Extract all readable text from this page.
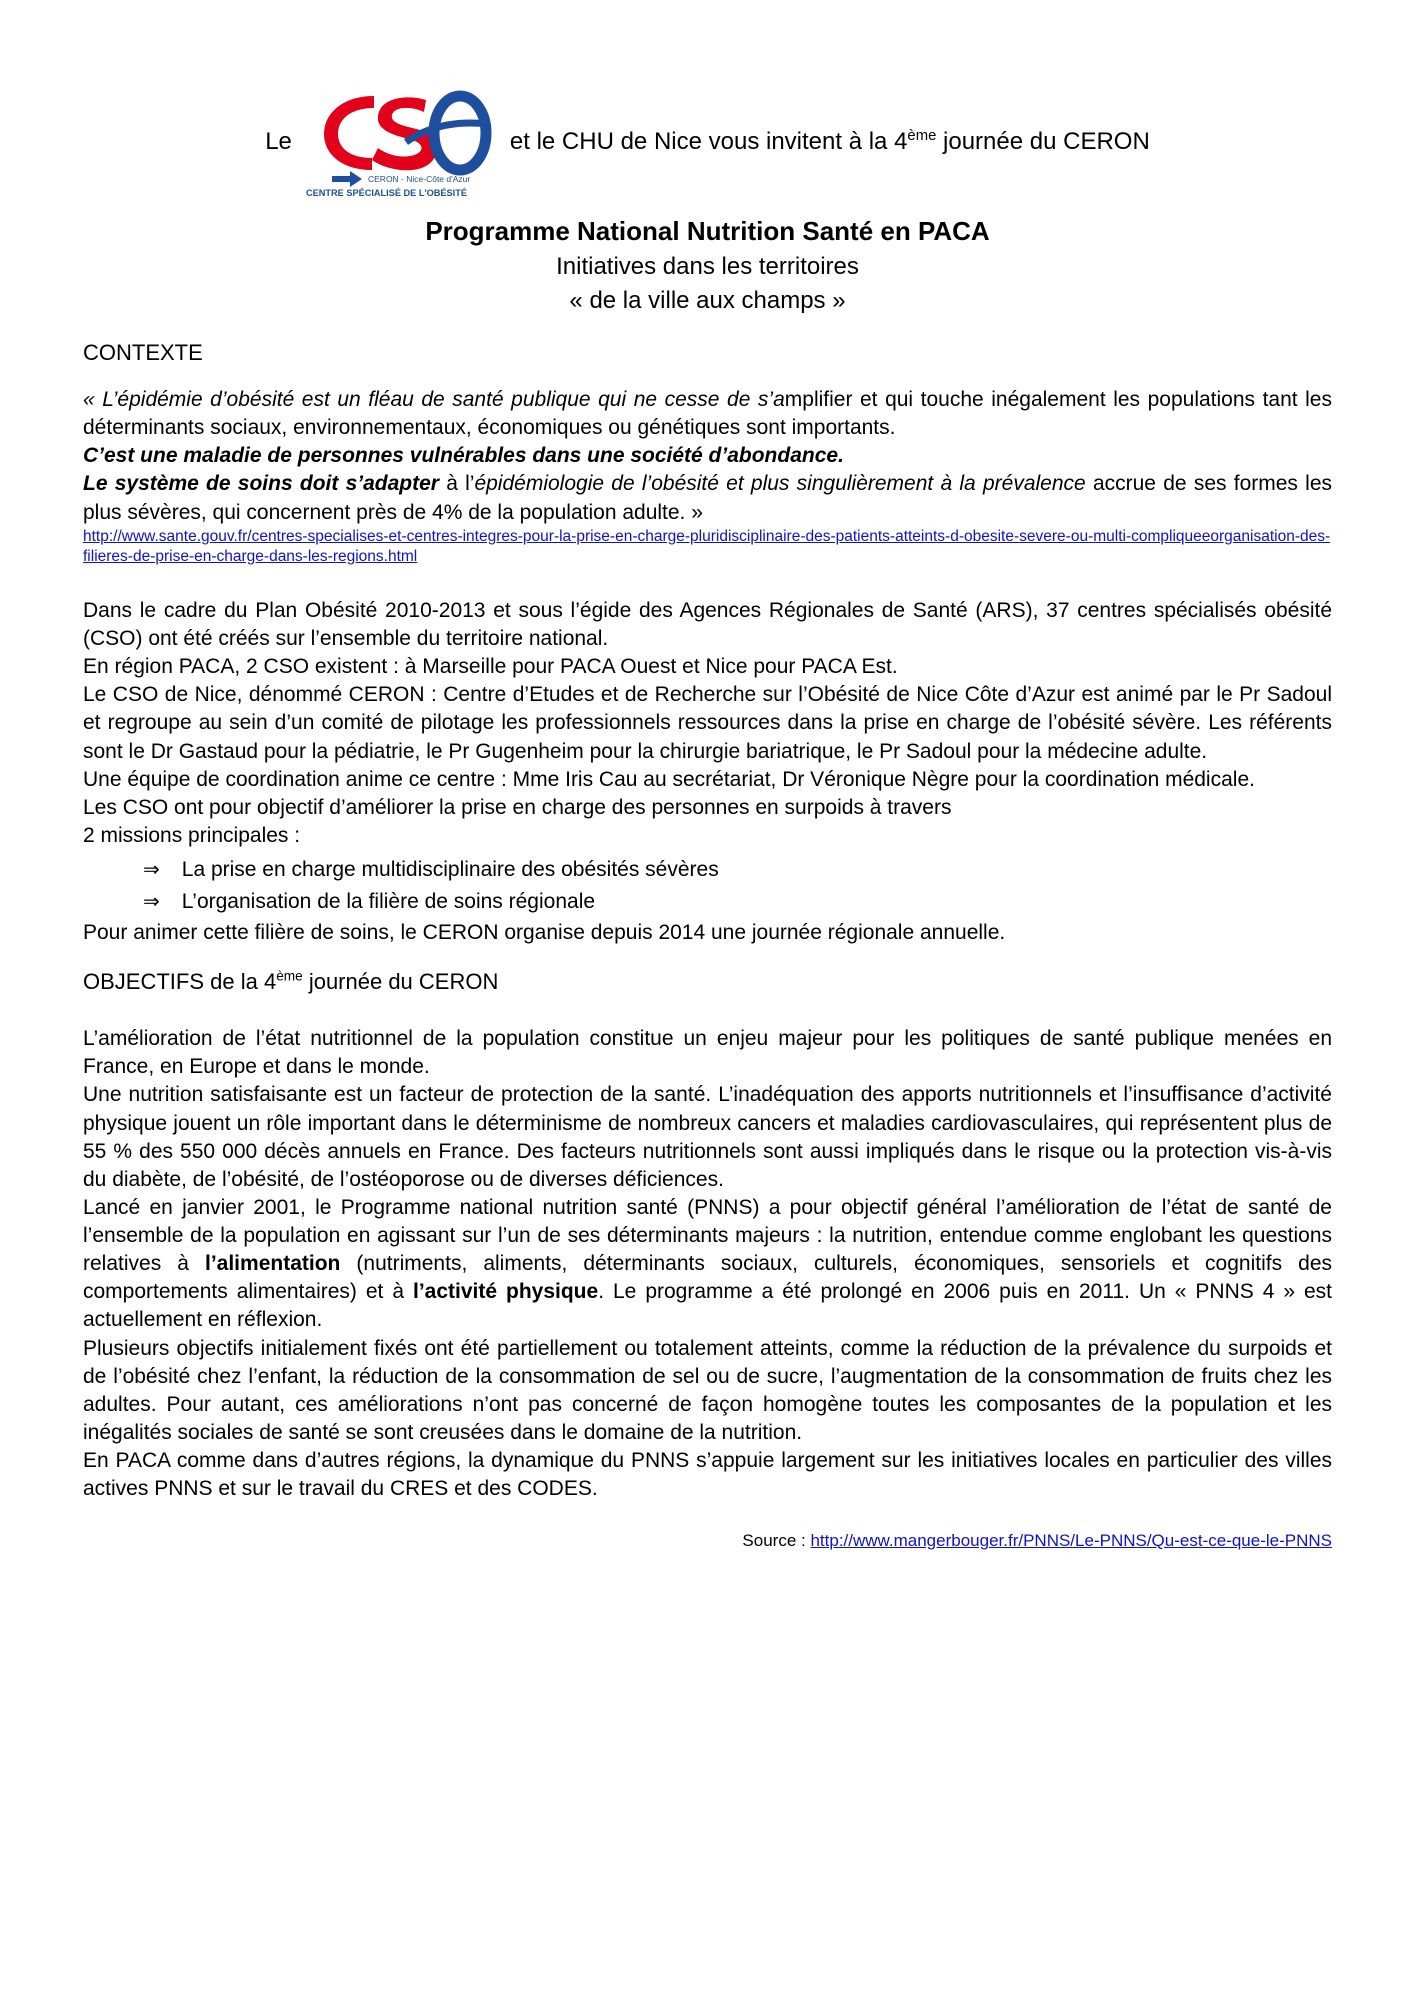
Le
CERON - Nice-Côte d'Azur
CENTRE SPÉCIALISÉ DE L'OBÉSITÉ
et le CHU de Nice vous invitent à la 4ème journée du CERON
Programme National Nutrition Santé en PACA
Initiatives dans les territoires
« de la ville aux champs »
CONTEXTE

« L’épidémie d’obésité est un fléau de santé publique qui ne cesse de s’amplifier et qui touche inégalement les populations tant les déterminants sociaux, environnementaux, économiques ou génétiques sont importants.

C’est une maladie de personnes vulnérables dans une société d’abondance.

Le système de soins doit s’adapter à l’épidémiologie de l’obésité et plus singulièrement à la prévalence accrue de ses formes les plus sévères, qui concernent près de 4% de la population adulte. »

http://www.sante.gouv.fr/centres-specialises-et-centres-integres-pour-la-prise-en-charge-pluridisciplinaire-des-patients-atteints-d-obesite-severe-ou-multi-compliqueeorganisation-des-filieres-de-prise-en-charge-dans-les-regions.html

Dans le cadre du Plan Obésité 2010-2013 et sous l’égide des Agences Régionales de Santé (ARS), 37 centres spécialisés obésité (CSO) ont été créés sur l’ensemble du territoire national.

En région PACA, 2 CSO existent : à Marseille pour PACA Ouest et Nice pour PACA Est.

Le CSO de Nice, dénommé CERON : Centre d’Etudes et de Recherche sur l’Obésité de Nice Côte d’Azur est animé par le Pr Sadoul et regroupe au sein d’un comité de pilotage les professionnels ressources dans la prise en charge de l’obésité sévère. Les référents sont le Dr Gastaud pour la pédiatrie, le Pr Gugenheim pour la chirurgie bariatrique, le Pr Sadoul pour la médecine adulte.

Une équipe de coordination anime ce centre : Mme Iris Cau au secrétariat, Dr Véronique Nègre pour la coordination médicale.

Les CSO ont pour objectif d’améliorer la prise en charge des personnes en surpoids à travers

2 missions principales :

⇒ La prise en charge multidisciplinaire des obésités sévères
⇒ L’organisation de la filière de soins régionale

Pour animer cette filière de soins, le CERON organise depuis 2014 une journée régionale annuelle.

OBJECTIFS de la 4ème journée du CERON

L’amélioration de l’état nutritionnel de la population constitue un enjeu majeur pour les politiques de santé publique menées en France, en Europe et dans le monde.

Une nutrition satisfaisante est un facteur de protection de la santé. L’inadéquation des apports nutritionnels et l’insuffisance d’activité physique jouent un rôle important dans le déterminisme de nombreux cancers et maladies cardiovasculaires, qui représentent plus de 55 % des 550 000 décès annuels en France. Des facteurs nutritionnels sont aussi impliqués dans le risque ou la protection vis-à-vis du diabète, de l’obésité, de l’ostéoporose ou de diverses déficiences.

Lancé en janvier 2001, le Programme national nutrition santé (PNNS) a pour objectif général l’amélioration de l’état de santé de l’ensemble de la population en agissant sur l’un de ses déterminants majeurs : la nutrition, entendue comme englobant les questions relatives à l’alimentation (nutriments, aliments, déterminants sociaux, culturels, économiques, sensoriels et cognitifs des comportements alimentaires) et à l’activité physique. Le programme a été prolongé en 2006 puis en 2011. Un « PNNS 4 » est actuellement en réflexion.

Plusieurs objectifs initialement fixés ont été partiellement ou totalement atteints, comme la réduction de la prévalence du surpoids et de l’obésité chez l’enfant, la réduction de la consommation de sel ou de sucre, l’augmentation de la consommation de fruits chez les adultes. Pour autant, ces améliorations n’ont pas concerné de façon homogène toutes les composantes de la population et les inégalités sociales de santé se sont creusées dans le domaine de la nutrition.

En PACA comme dans d’autres régions, la dynamique du PNNS s’appuie largement sur les initiatives locales en particulier des villes actives PNNS et sur le travail du CRES et des CODES.

Source : http://www.mangerbouger.fr/PNNS/Le-PNNS/Qu-est-ce-que-le-PNNS
